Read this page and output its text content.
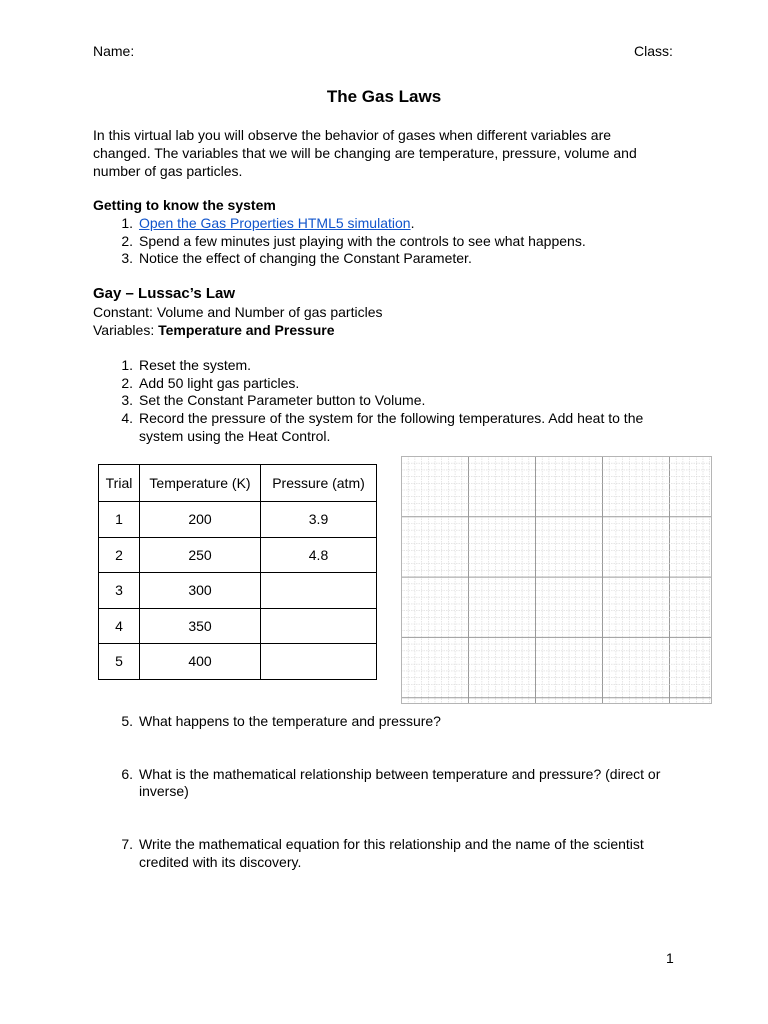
Name:	Class:
The Gas Laws
In this virtual lab you will observe the behavior of gases when different variables are changed. The variables that we will be changing are temperature, pressure, volume and number of gas particles.
Getting to know the system
1. Open the Gas Properties HTML5 simulation.
2. Spend a few minutes just playing with the controls to see what happens.
3. Notice the effect of changing the Constant Parameter.
Gay – Lussac’s Law
Constant: Volume and Number of gas particles
Variables: Temperature and Pressure
1. Reset the system.
2. Add 50 light gas particles.
3. Set the Constant Parameter button to Volume.
4. Record the pressure of the system for the following temperatures. Add heat to the system using the Heat Control.
Trial	Temperature (K)	Pressure (atm)
1	200	3.9
2	250	4.8
3	300	
4	350	
5	400	
5. What happens to the temperature and pressure?
6. What is the mathematical relationship between temperature and pressure? (direct or inverse)
7. Write the mathematical equation for this relationship and the name of the scientist credited with its discovery.
1
